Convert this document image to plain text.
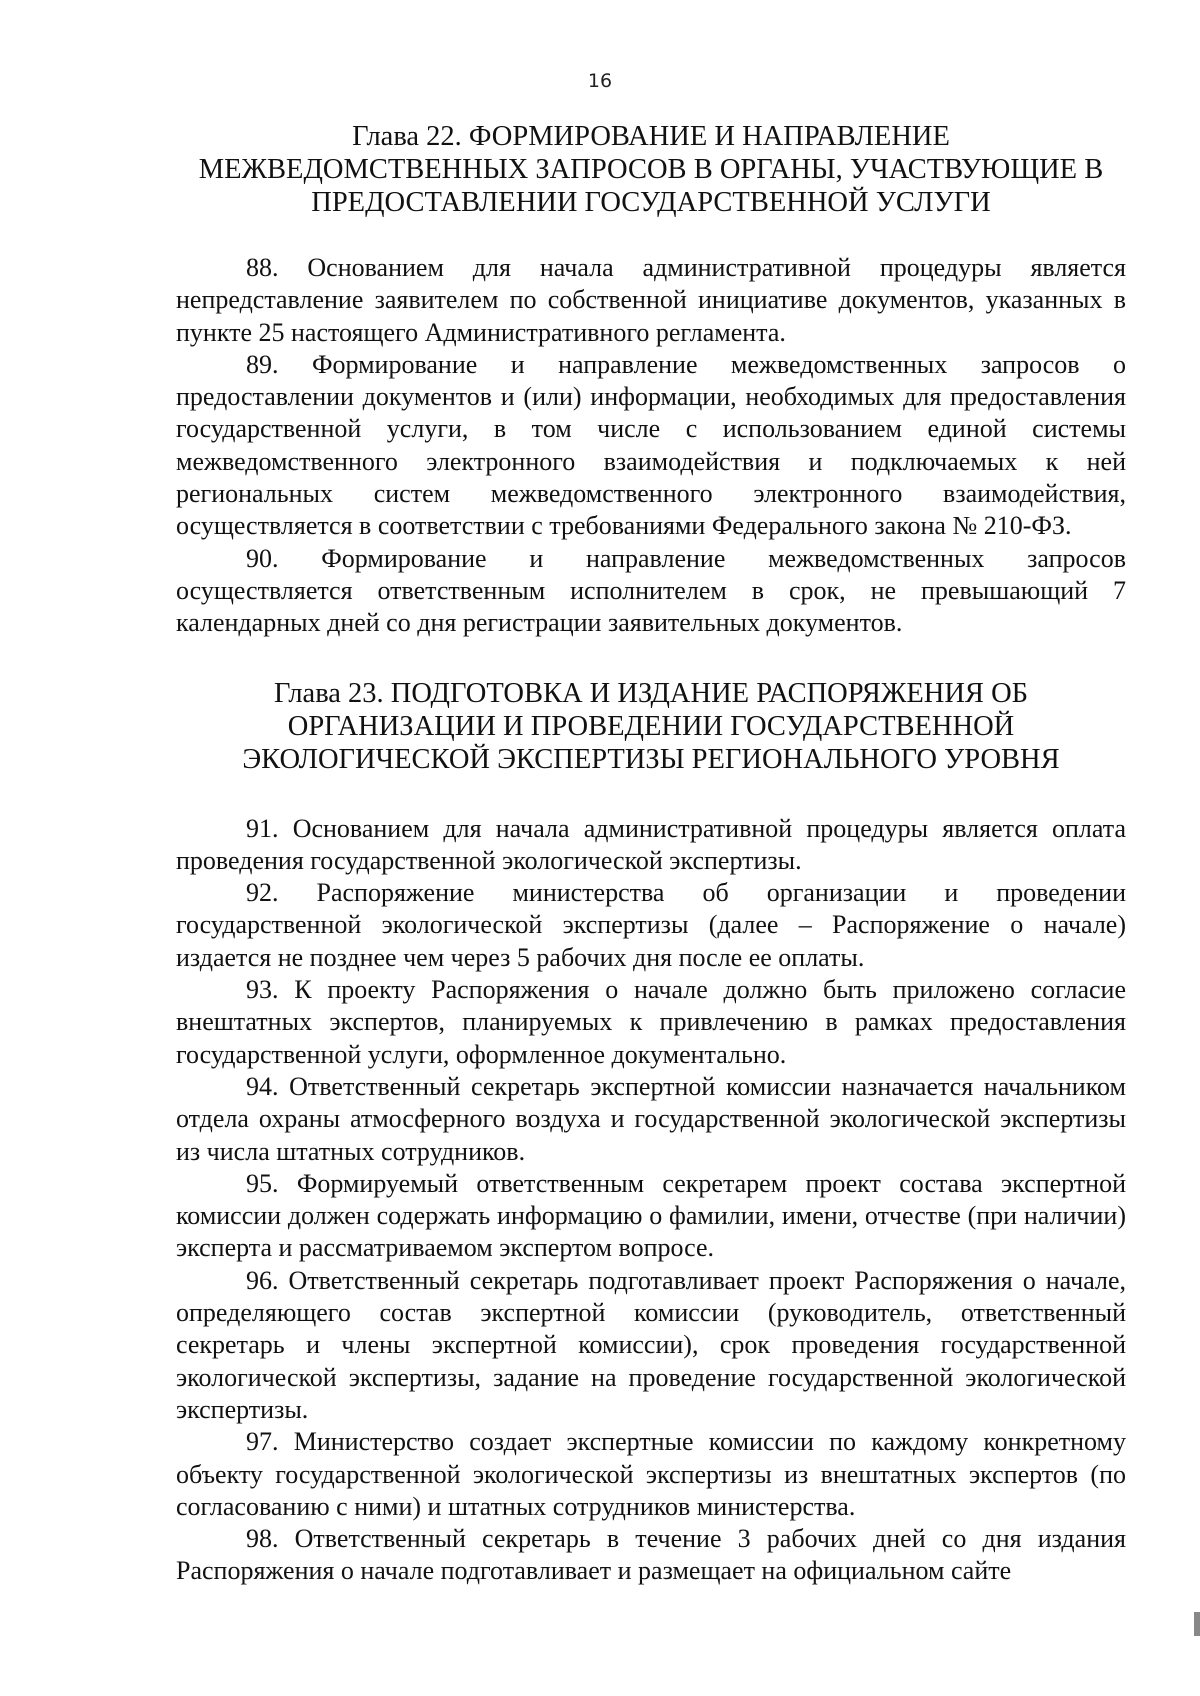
16
Глава 22. ФОРМИРОВАНИЕ И НАПРАВЛЕНИЕ
МЕЖВЕДОМСТВЕННЫХ ЗАПРОСОВ В ОРГАНЫ, УЧАСТВУЮЩИЕ В
ПРЕДОСТАВЛЕНИИ ГОСУДАРСТВЕННОЙ УСЛУГИ

88. Основанием для начала административной процедуры является непредставление заявителем по собственной инициативе документов, указанных в пункте 25 настоящего Административного регламента.

89. Формирование и направление межведомственных запросов о предоставлении документов и (или) информации, необходимых для предоставления государственной услуги, в том числе с использованием единой системы межведомственного электронного взаимодействия и подключаемых к ней региональных систем межведомственного электронного взаимодействия, осуществляется в соответствии с требованиями Федерального закона № 210-ФЗ.

90. Формирование и направление межведомственных запросов осуществляется ответственным исполнителем в срок, не превышающий 7 календарных дней со дня регистрации заявительных документов.

Глава 23. ПОДГОТОВКА И ИЗДАНИЕ РАСПОРЯЖЕНИЯ ОБ
ОРГАНИЗАЦИИ И ПРОВЕДЕНИИ ГОСУДАРСТВЕННОЙ
ЭКОЛОГИЧЕСКОЙ ЭКСПЕРТИЗЫ РЕГИОНАЛЬНОГО УРОВНЯ

91. Основанием для начала административной процедуры является оплата проведения государственной экологической экспертизы.

92. Распоряжение министерства об организации и проведении государственной экологической экспертизы (далее – Распоряжение о начале) издается не позднее чем через 5 рабочих дня после ее оплаты.

93. К проекту Распоряжения о начале должно быть приложено согласие внештатных экспертов, планируемых к привлечению в рамках предоставления государственной услуги, оформленное документально.

94. Ответственный секретарь экспертной комиссии назначается начальником отдела охраны атмосферного воздуха и государственной экологической экспертизы из числа штатных сотрудников.

95. Формируемый ответственным секретарем проект состава экспертной комиссии должен содержать информацию о фамилии, имени, отчестве (при наличии) эксперта и рассматриваемом экспертом вопросе.

96. Ответственный секретарь подготавливает проект Распоряжения о начале, определяющего состав экспертной комиссии (руководитель, ответственный секретарь и члены экспертной комиссии), срок проведения государственной экологической экспертизы, задание на проведение государственной экологической экспертизы.

97. Министерство создает экспертные комиссии по каждому конкретному объекту государственной экологической экспертизы из внештатных экспертов (по согласованию с ними) и штатных сотрудников министерства.

98. Ответственный секретарь в течение 3 рабочих дней со дня издания Распоряжения о начале подготавливает и размещает на официальном сайте
